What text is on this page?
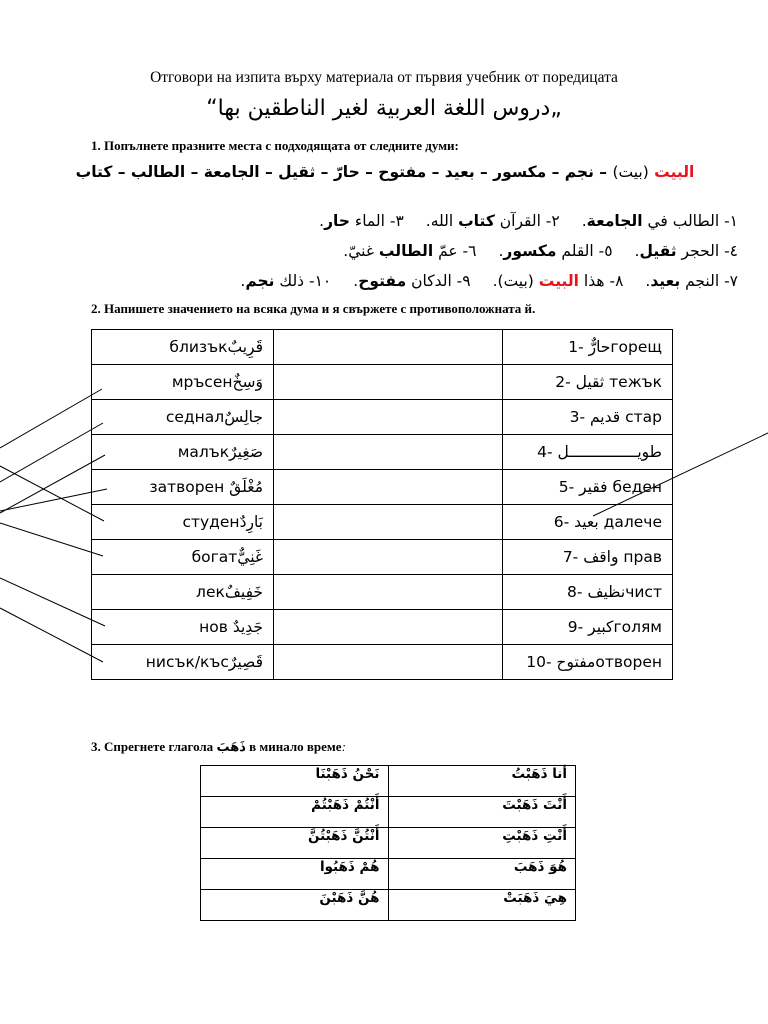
Отговори на изпита върху материала от първия учебник от поредицата
„دروس اللغة العربية لغير الناطقين بها“
1. Попълнете празните места с подходящата от следните думи:
البيت (بيت) – نجم – مكسور – بعيد – مفتوح – حارّ – ثقيل – الجامعة – الطالب – كتاب
١- الطالب في الجامعة.٢- القرآن كتاب الله.٣- الماء حار.
٤- الحجر ثقيل.٥- القلم مكسور.٦- عمّ الطالب غنيّ.
٧- النجم بعيد.٨- هذا البيت (بيت).٩- الدكان مفتوح.١٠- ذلك نجم.
2. Напишете значението на всяка дума и я свържете с противоположната й.
близъкقَرِيبٌ		1- حارٌّгорещ
мръсенوَسِخٌ		2- ثقيل тежък
седналجالِسٌ		3- قديم стар
малъкصَغِيرٌ		4- طويـــــــــــــــل
затворен مُغْلَقٌ		5- فقير беден
студенبَارِدٌ		6- بعيد далече
богатغَنِيٌّ		7- واقف прав
лекخَفِيفٌ		8- نظيفчист
нов جَدِيدٌ		9- كبيرголям
нисък/късقَصِيرٌ		10- مفتوحотворен
3. Спрегнете глагола ذَهَبَ в минало време:
نَحْنُ ذَهَبْنَا	أنا ذَهَبْتُ
أَنْتُمْ ذَهَبْتُمْ	أَنْتَ ذَهَبْتَ
أَنْتُنَّ ذَهَبْتُنَّ	أَنْتِ ذَهَبْتِ
هُمْ ذَهَبُوا	هُوَ ذَهَبَ
هُنَّ ذَهَبْنَ	هِيَ ذَهَبَتْ
